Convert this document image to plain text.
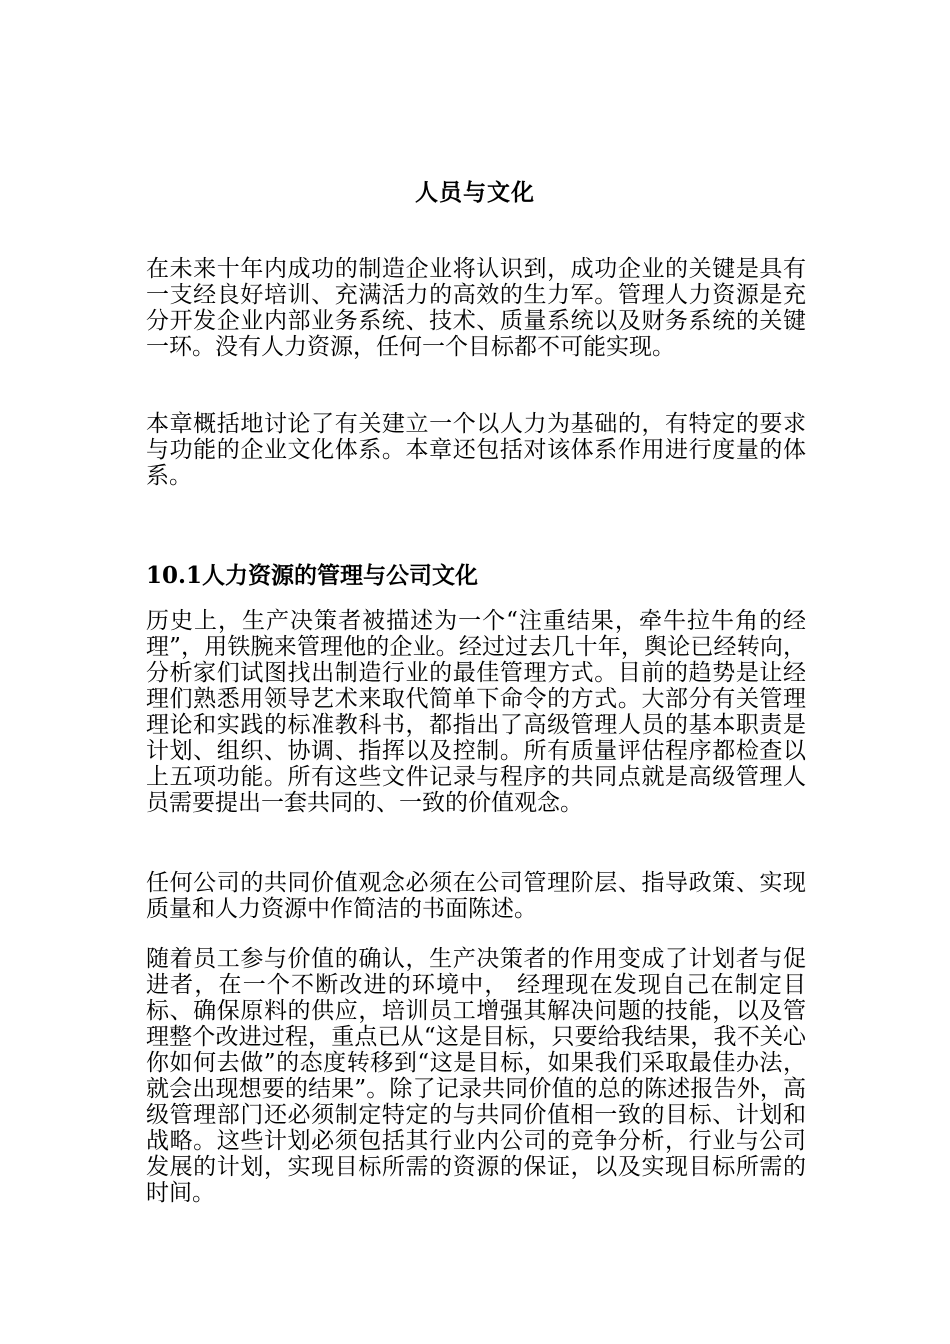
人员与文化
在未来十年内成功的制造企业将认识到，成功企业的关键是具有一支经良好培训、充满活力的高效的生力军。管理人力资源是充分开发企业内部业务系统、技术、质量系统以及财务系统的关键一环。没有人力资源，任何一个目标都不可能实现。
本章概括地讨论了有关建立一个以人力为基础的，有特定的要求与功能的企业文化体系。本章还包括对该体系作用进行度量的体系。
10.1人力资源的管理与公司文化
历史上，生产决策者被描述为一个“注重结果，牵牛拉牛角的经理”，用铁腕来管理他的企业。经过过去几十年，舆论已经转向，分析家们试图找出制造行业的最佳管理方式。目前的趋势是让经理们熟悉用领导艺术来取代简单下命令的方式。大部分有关管理理论和实践的标准教科书，都指出了高级管理人员的基本职责是计划、组织、协调、指挥以及控制。所有质量评估程序都检查以上五项功能。所有这些文件记录与程序的共同点就是高级管理人员需要提出一套共同的、一致的价值观念。
任何公司的共同价值观念必须在公司管理阶层、指导政策、实现质量和人力资源中作简洁的书面陈述。
随着员工参与价值的确认，生产决策者的作用变成了计划者与促进者，在一个不断改进的环境中， 经理现在发现自己在制定目标、确保原料的供应，培训员工增强其解决问题的技能，以及管理整个改进过程，重点已从“这是目标，只要给我结果，我不关心你如何去做”的态度转移到“这是目标，如果我们采取最佳办法，就会出现想要的结果”。除了记录共同价值的总的陈述报告外，高级管理部门还必须制定特定的与共同价值相一致的目标、计划和战略。这些计划必须包括其行业内公司的竞争分析，行业与公司发展的计划，实现目标所需的资源的保证，以及实现目标所需的时间。
